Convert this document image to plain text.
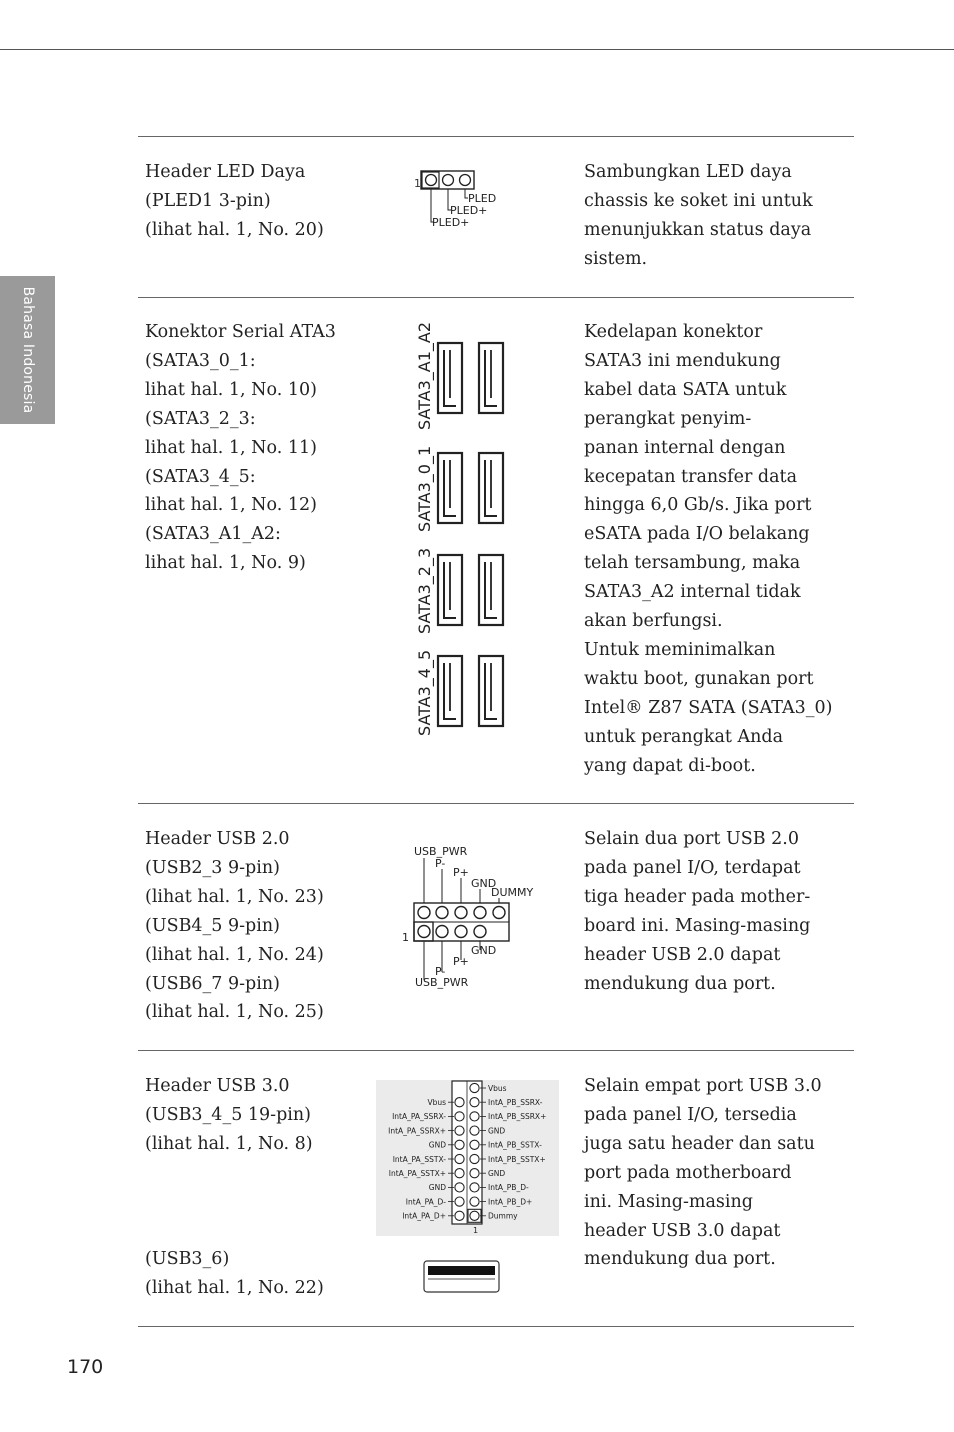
Bahasa Indonesia
Header LED Daya
(PLED1 3-pin)
(lihat hal. 1, No. 20)
Sambungkan LED daya
chassis ke soket ini untuk
menunjukkan status daya
sistem.
1
PLED
PLED+
PLED+
Konektor Serial ATA3
(SATA3_0_1:
lihat hal. 1, No. 10)
(SATA3_2_3:
lihat hal. 1, No. 11)
(SATA3_4_5:
lihat hal. 1, No. 12)
(SATA3_A1_A2:
lihat hal. 1, No. 9)
Kedelapan konektor
SATA3 ini mendukung
kabel data SATA untuk
perangkat penyim-
panan internal dengan
kecepatan transfer data
hingga 6,0 Gb/s. Jika port
eSATA pada I/O belakang
telah tersambung, maka
SATA3_A2 internal tidak
akan berfungsi.
Untuk meminimalkan
waktu boot, gunakan port
Intel® Z87 SATA (SATA3_0)
untuk perangkat Anda
yang dapat di-boot.
SATA3_A1_A2
SATA3_0_1
SATA3_2_3
SATA3_4_5
Header USB 2.0
(USB2_3 9-pin)
(lihat hal. 1, No. 23)
(USB4_5 9-pin)
(lihat hal. 1, No. 24)
(USB6_7 9-pin)
(lihat hal. 1, No. 25)
Selain dua port USB 2.0
pada panel I/O, terdapat
tiga header pada mother-
board ini. Masing-masing
header USB 2.0 dapat
mendukung dua port.
USB_PWR
P-
P+
GND
DUMMY
1
GND
P+
P-
USB_PWR
Header USB 3.0
(USB3_4_5 19-pin)
(lihat hal. 1, No. 8)
(USB3_6)
(lihat hal. 1, No. 22)
Selain empat port USB 3.0
pada panel I/O, tersedia
juga satu header dan satu
port pada motherboard
ini. Masing-masing
header USB 3.0 dapat
mendukung dua port.
Vbus
IntA_PA_SSRX-
IntA_PA_SSRX+
GND
IntA_PA_SSTX-
IntA_PA_SSTX+
GND
IntA_PA_D-
IntA_PA_D+
Vbus
IntA_PB_SSRX-
IntA_PB_SSRX+
GND
IntA_PB_SSTX-
IntA_PB_SSTX+
GND
IntA_PB_D-
IntA_PB_D+
Dummy
1
170
